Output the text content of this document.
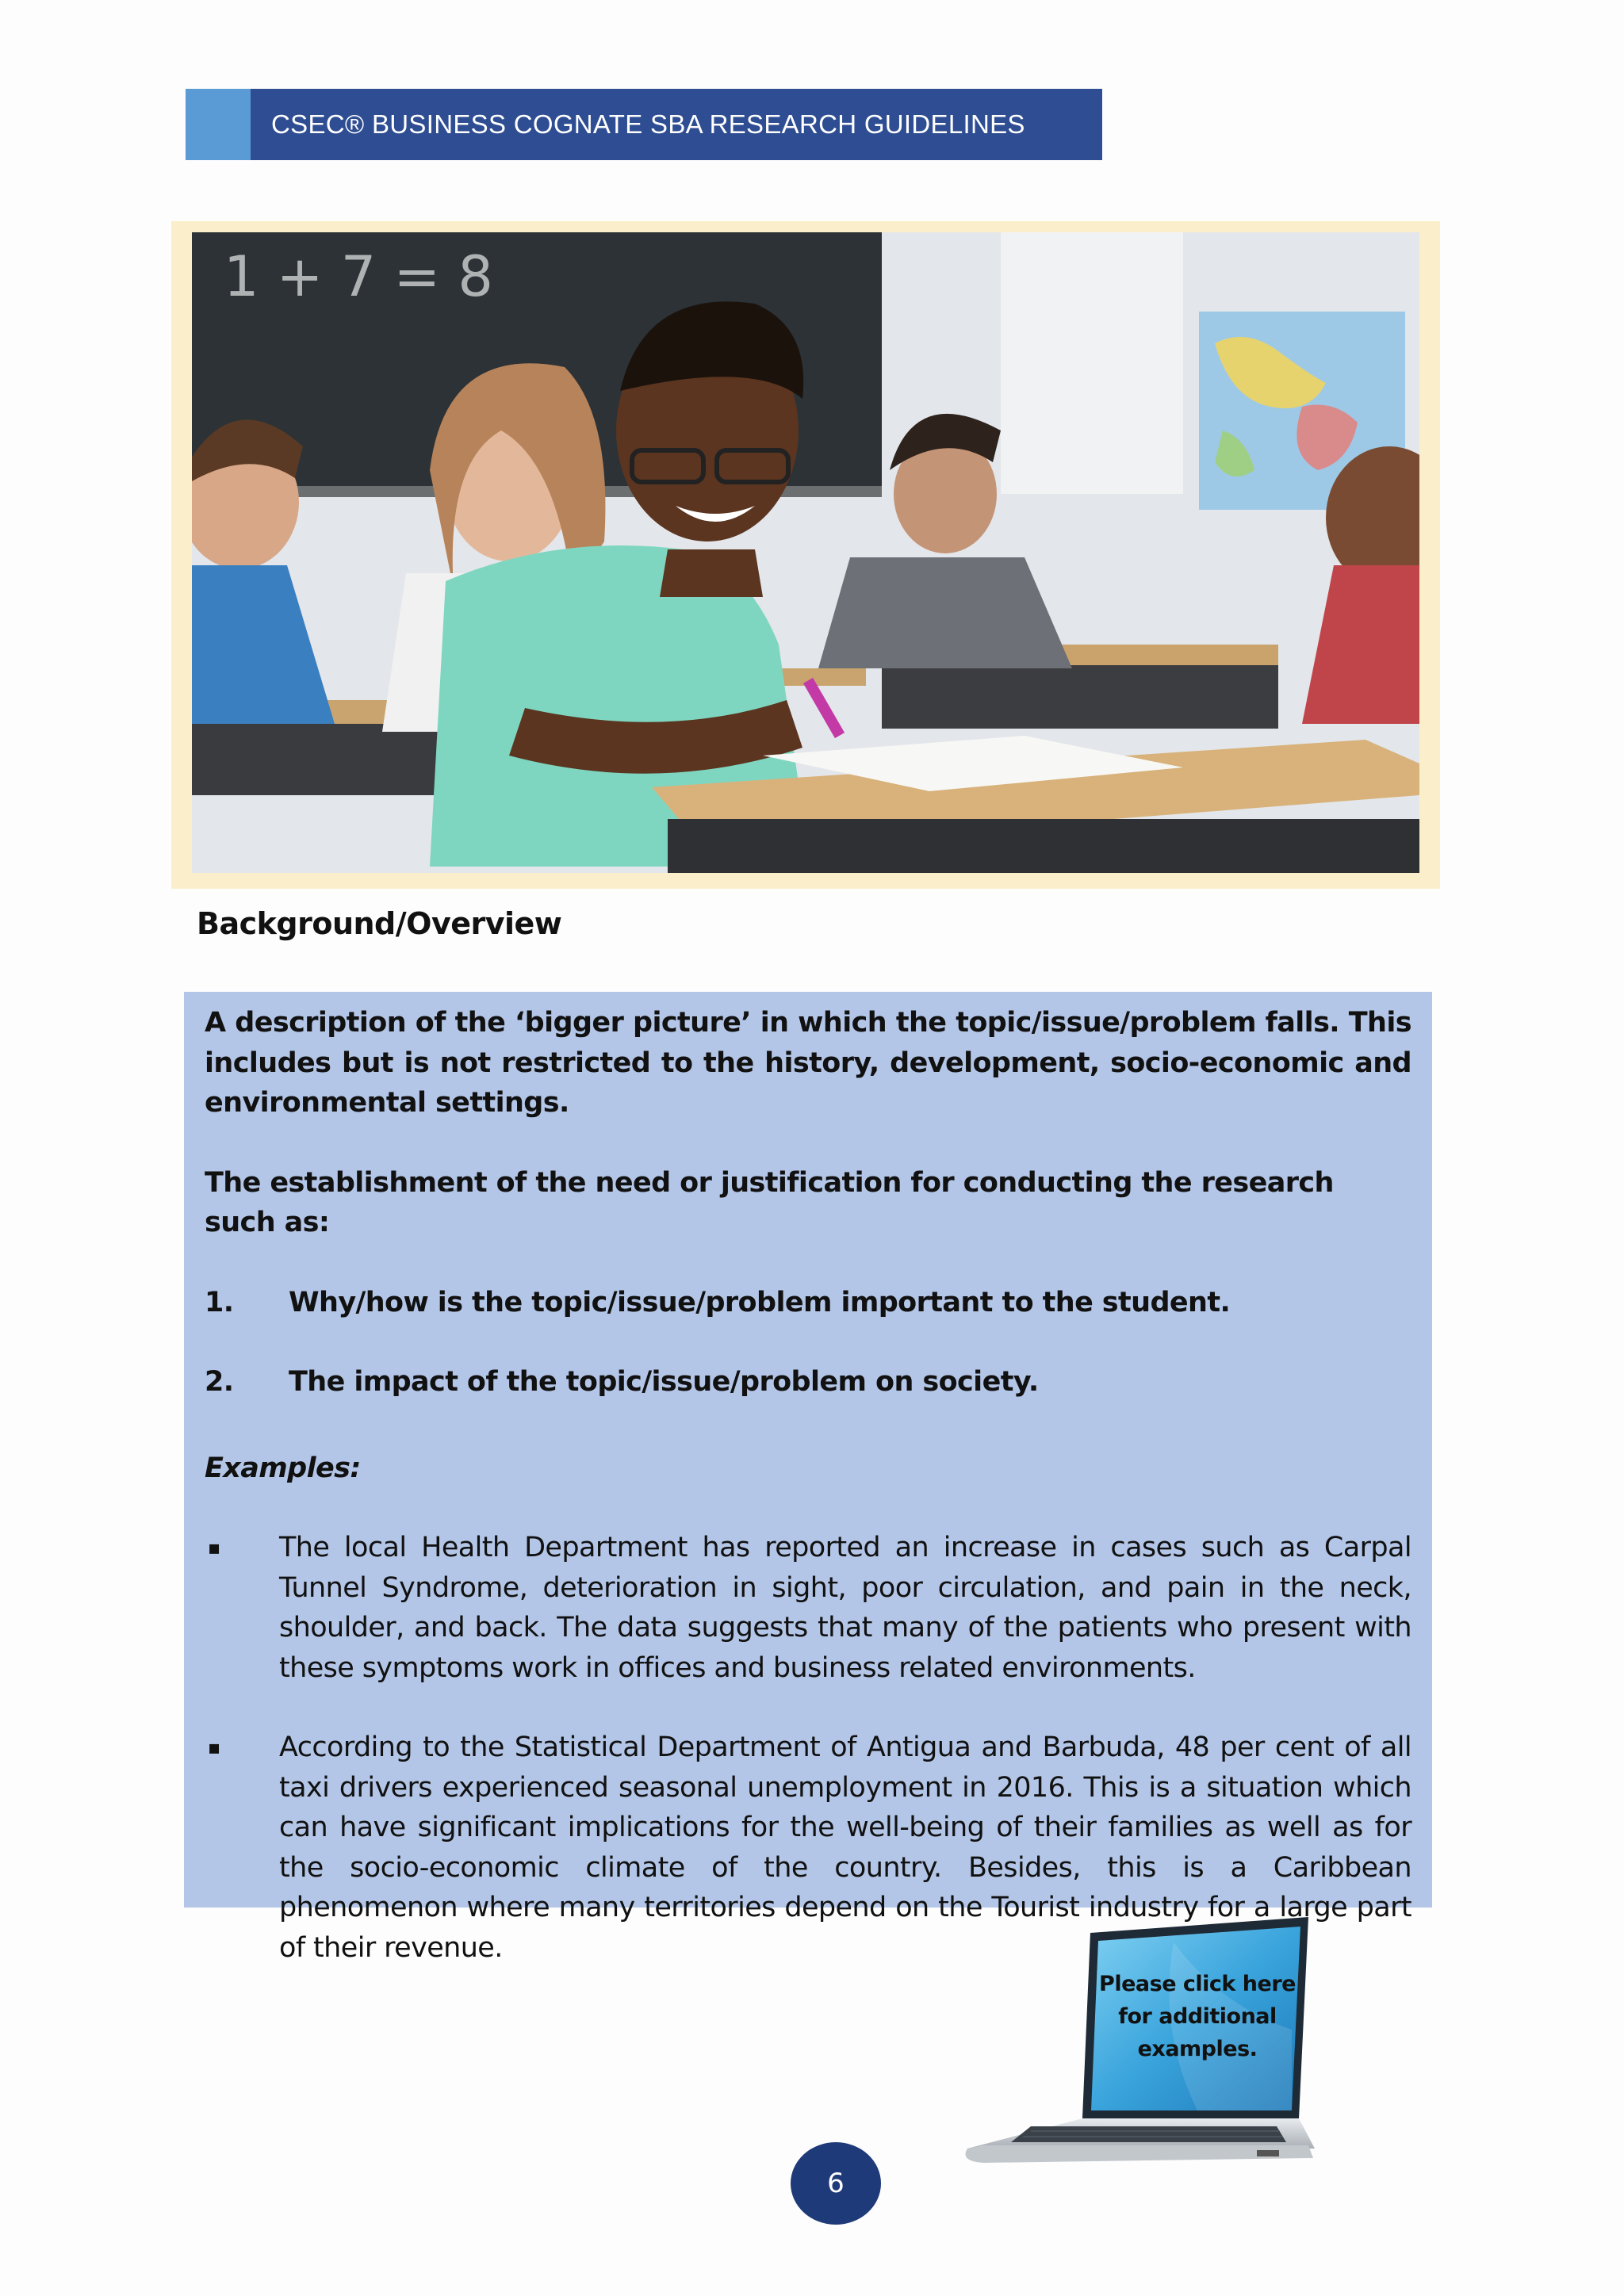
CSEC® BUSINESS COGNATE SBA RESEARCH GUIDELINES
1 + 7 = 8
Background/Overview

A description of the ‘bigger picture’ in which the topic/issue/problem falls. This includes but is not restricted to the history, development, socio-economic and environmental settings.

The establishment of the need or justification for conducting the research such as:

1.	Why/how is the topic/issue/problem important to the student.
2.	The impact of the topic/issue/problem on society.

Examples:

▪	The local Health Department has reported an increase in cases such as Carpal Tunnel Syndrome, deterioration in sight, poor circulation, and pain in the neck, shoulder, and back. The data suggests that many of the patients who present with these symptoms work in offices and business related environments.
▪	According to the Statistical Department of Antigua and Barbuda, 48 per cent of all taxi drivers experienced seasonal unemployment in 2016. This is a situation which can have significant implications for the well-being of their families as well as for the socio-economic climate of the country. Besides, this is a Caribbean phenomenon where many territories depend on the Tourist industry for a large part of their revenue.
Please click here
for additional
examples.
6
